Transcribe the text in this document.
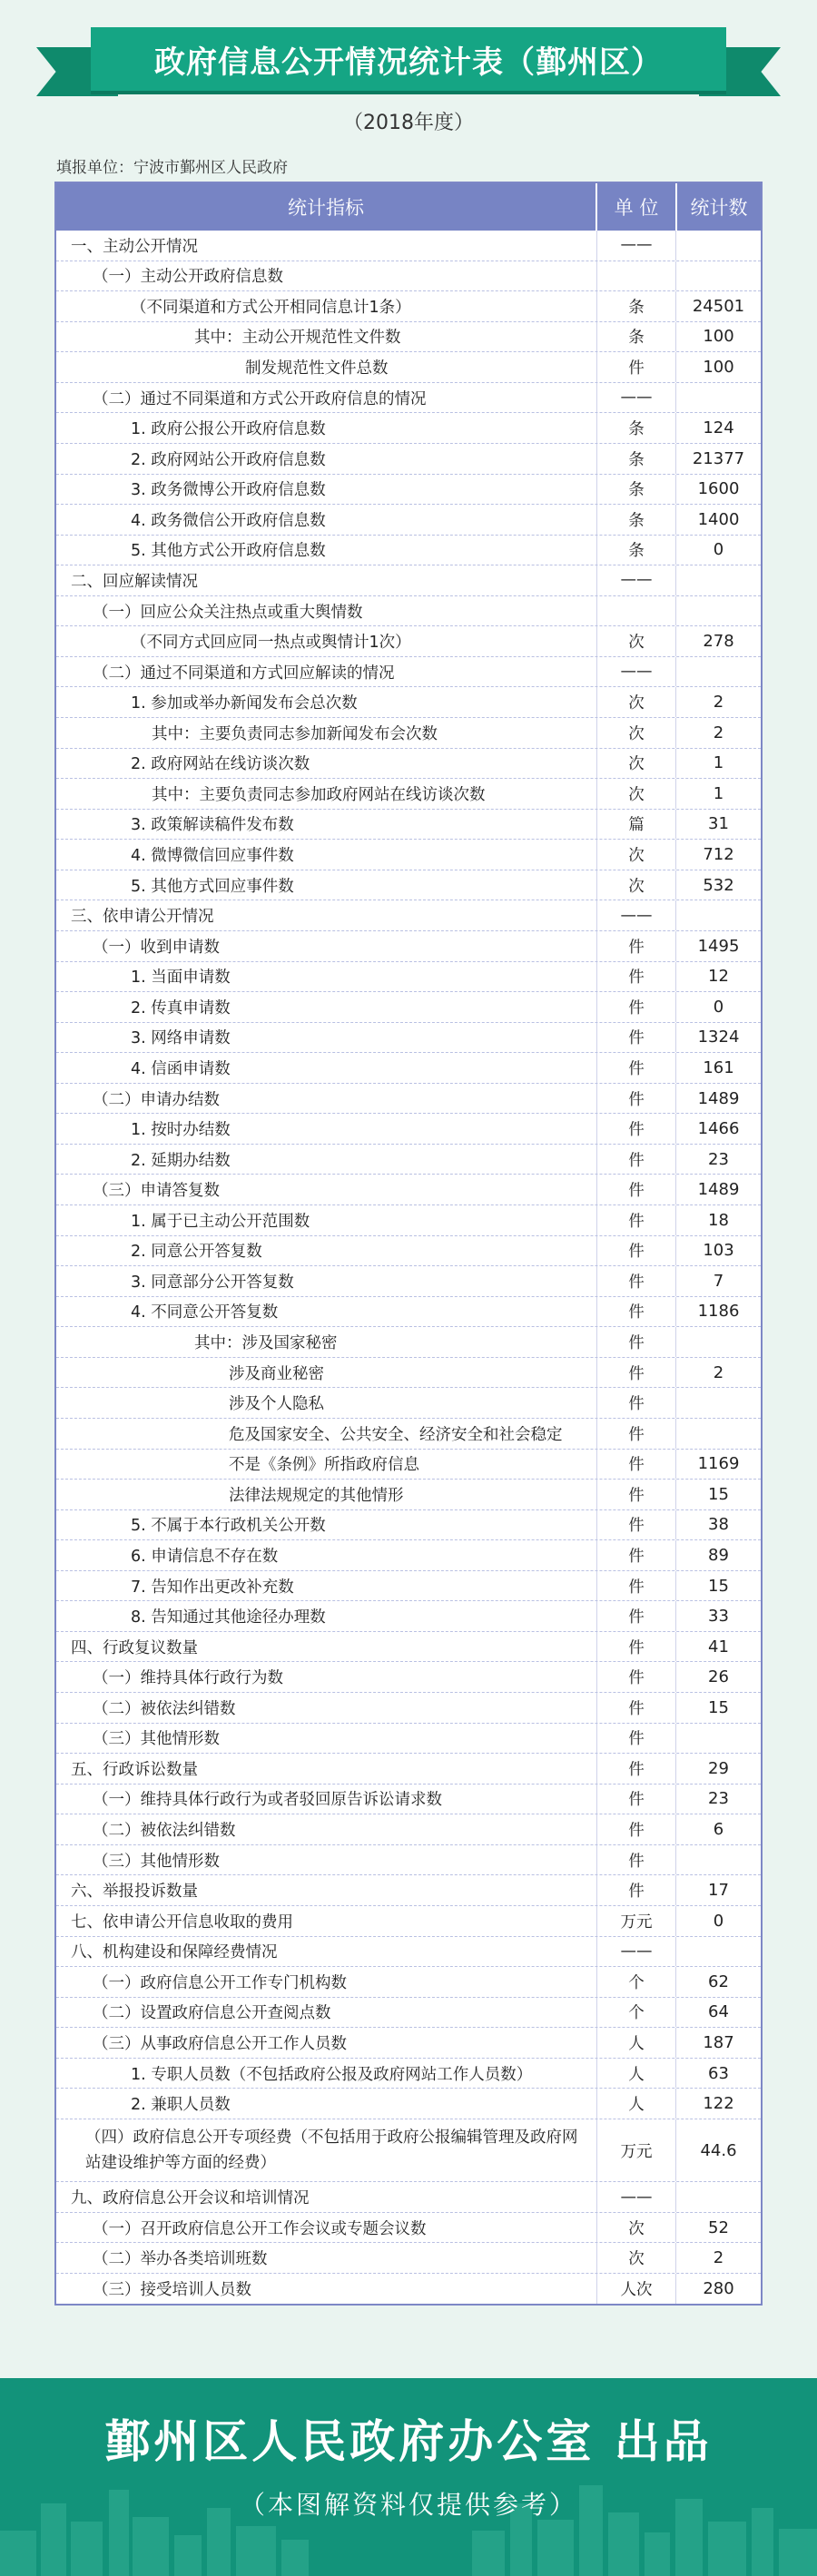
政府信息公开情况统计表（鄞州区）
（2018年度）
填报单位：宁波市鄞州区人民政府
统计指标	单 位	统计数
一、主动公开情况	——
（一）主动公开政府信息数
（不同渠道和方式公开相同信息计1条）	条	24501
其中：主动公开规范性文件数	条	100
制发规范性文件总数	件	100
（二）通过不同渠道和方式公开政府信息的情况	——
1. 政府公报公开政府信息数	条	124
2. 政府网站公开政府信息数	条	21377
3. 政务微博公开政府信息数	条	1600
4. 政务微信公开政府信息数	条	1400
5. 其他方式公开政府信息数	条	0
二、回应解读情况	——
（一）回应公众关注热点或重大舆情数
（不同方式回应同一热点或舆情计1次）	次	278
（二）通过不同渠道和方式回应解读的情况	——
1. 参加或举办新闻发布会总次数	次	2
其中：主要负责同志参加新闻发布会次数	次	2
2. 政府网站在线访谈次数	次	1
其中：主要负责同志参加政府网站在线访谈次数	次	1
3. 政策解读稿件发布数	篇	31
4. 微博微信回应事件数	次	712
5. 其他方式回应事件数	次	532
三、依申请公开情况	——
（一）收到申请数	件	1495
1. 当面申请数	件	12
2. 传真申请数	件	0
3. 网络申请数	件	1324
4. 信函申请数	件	161
（二）申请办结数	件	1489
1. 按时办结数	件	1466
2. 延期办结数	件	23
（三）申请答复数	件	1489
1. 属于已主动公开范围数	件	18
2. 同意公开答复数	件	103
3. 同意部分公开答复数	件	7
4. 不同意公开答复数	件	1186
其中：涉及国家秘密	件
涉及商业秘密	件	2
涉及个人隐私	件
危及国家安全、公共安全、经济安全和社会稳定	件
不是《条例》所指政府信息	件	1169
法律法规规定的其他情形	件	15
5. 不属于本行政机关公开数	件	38
6. 申请信息不存在数	件	89
7. 告知作出更改补充数	件	15
8. 告知通过其他途径办理数	件	33
四、行政复议数量	件	41
（一）维持具体行政行为数	件	26
（二）被依法纠错数	件	15
（三）其他情形数	件
五、行政诉讼数量	件	29
（一）维持具体行政行为或者驳回原告诉讼请求数	件	23
（二）被依法纠错数	件	6
（三）其他情形数	件
六、举报投诉数量	件	17
七、依申请公开信息收取的费用	万元	0
八、机构建设和保障经费情况	——
（一）政府信息公开工作专门机构数	个	62
（二）设置政府信息公开查阅点数	个	64
（三）从事政府信息公开工作人员数	人	187
1. 专职人员数（不包括政府公报及政府网站工作人员数）	人	63
2. 兼职人员数	人	122
（四）政府信息公开专项经费（不包括用于政府公报编辑管理及政府网站建设维护等方面的经费）
万元	44.6
九、政府信息公开会议和培训情况	——
（一）召开政府信息公开工作会议或专题会议数	次	52
（二）举办各类培训班数	次	2
（三）接受培训人员数	人次	280
鄞州区人民政府办公室 出品
（本图解资料仅提供参考）
